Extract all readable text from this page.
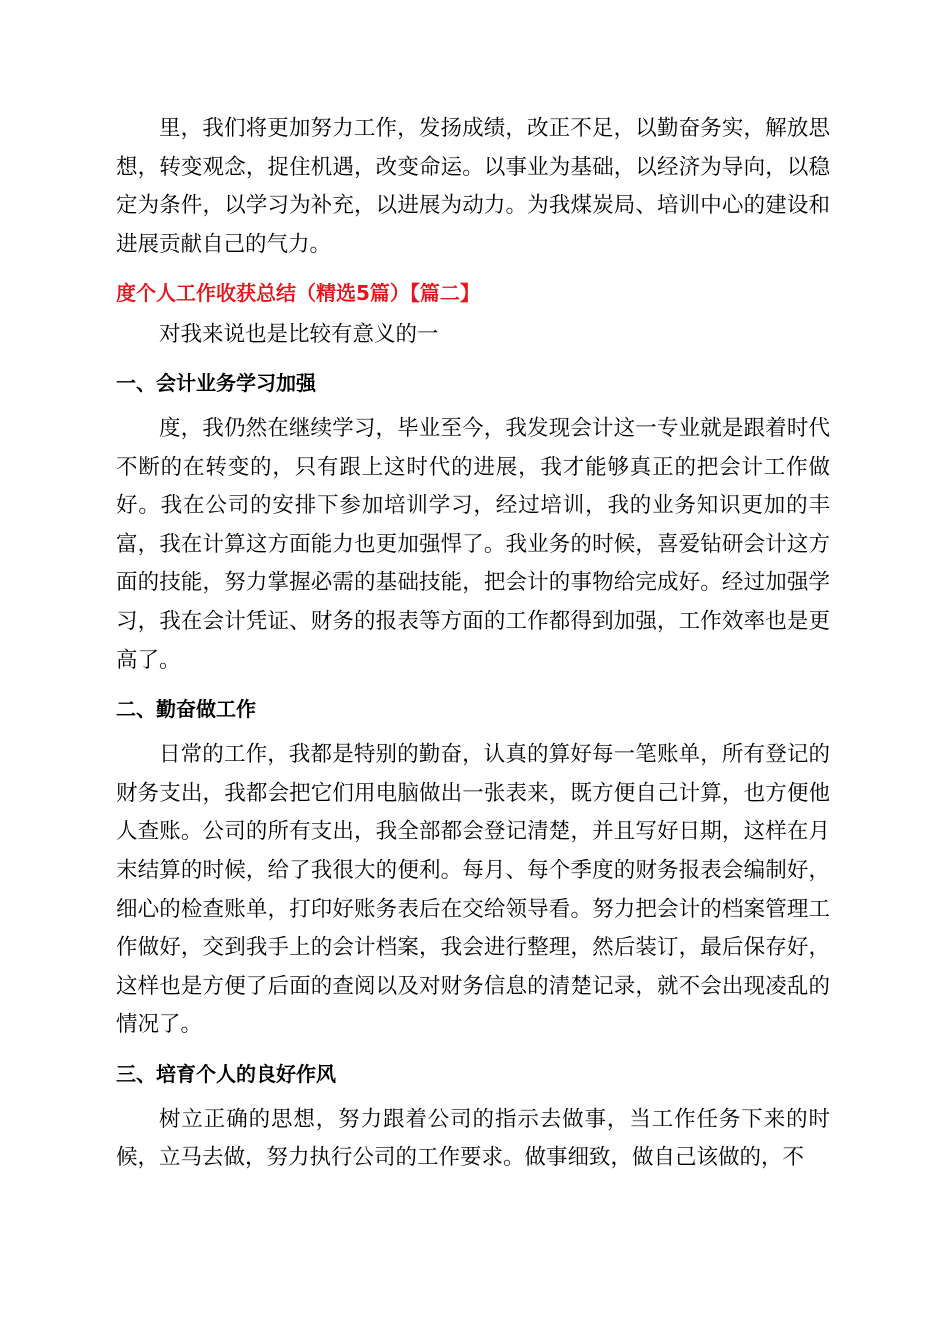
里，我们将更加努力工作，发扬成绩，改正不足，以勤奋务实，解放思想，转变观念，捉住机遇，改变命运。以事业为基础，以经济为导向，以稳定为条件，以学习为补充，以进展为动力。为我煤炭局、培训中心的建设和进展贡献自己的气力。

度个人工作收获总结（精选5篇）【篇二】

对我来说也是比较有意义的一

一、会计业务学习加强

度，我仍然在继续学习，毕业至今，我发现会计这一专业就是跟着时代不断的在转变的，只有跟上这时代的进展，我才能够真正的把会计工作做好。我在公司的安排下参加培训学习，经过培训，我的业务知识更加的丰富，我在计算这方面能力也更加强悍了。我业务的时候，喜爱钻研会计这方面的技能，努力掌握必需的基础技能，把会计的事物给完成好。经过加强学习，我在会计凭证、财务的报表等方面的工作都得到加强，工作效率也是更高了。

二、勤奋做工作

日常的工作，我都是特别的勤奋，认真的算好每一笔账单，所有登记的财务支出，我都会把它们用电脑做出一张表来，既方便自己计算，也方便他人查账。公司的所有支出，我全部都会登记清楚，并且写好日期，这样在月末结算的时候，给了我很大的便利。每月、每个季度的财务报表会编制好，细心的检查账单，打印好账务表后在交给领导看。努力把会计的档案管理工作做好，交到我手上的会计档案，我会进行整理，然后装订，最后保存好，这样也是方便了后面的查阅以及对财务信息的清楚记录，就不会出现凌乱的情况了。

三、培育个人的良好作风

树立正确的思想，努力跟着公司的指示去做事，当工作任务下来的时候，立马去做，努力执行公司的工作要求。做事细致，做自己该做的，不
